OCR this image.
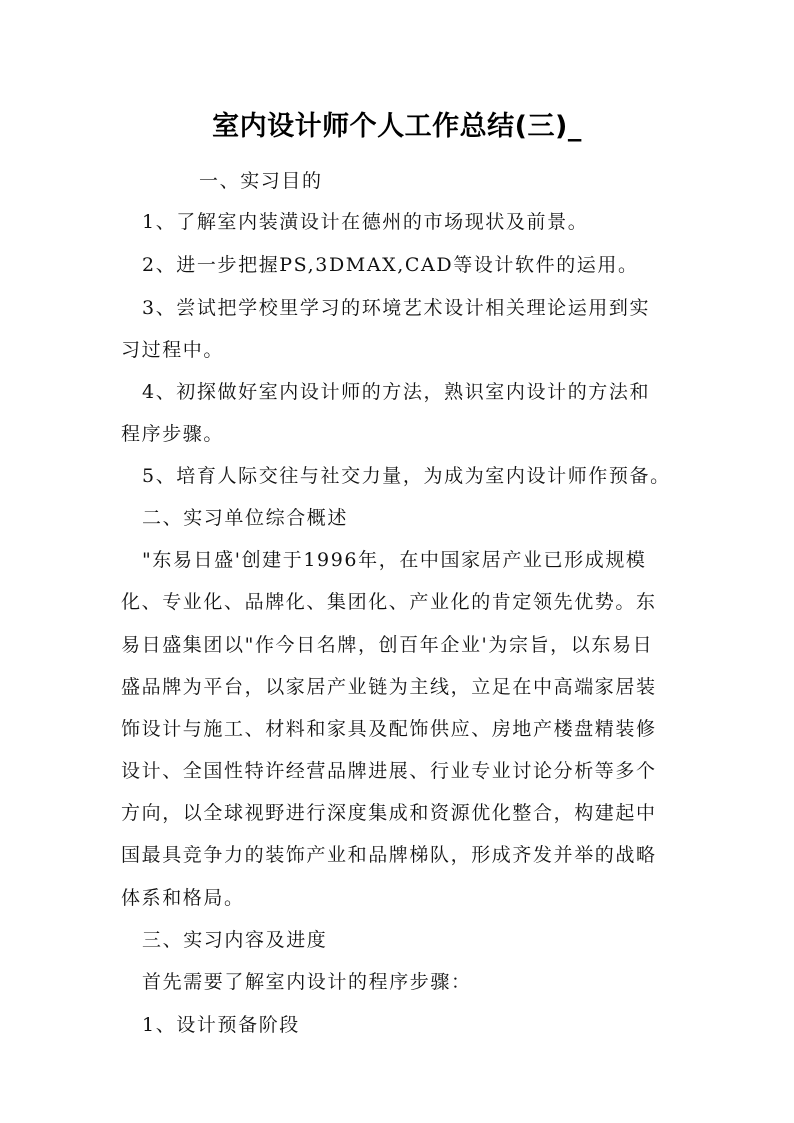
室内设计师个人工作总结(三)_
一、实习目的
1、了解室内装潢设计在德州的市场现状及前景。
2、进一步把握PS,3DMAX,CAD等设计软件的运用。
3、尝试把学校里学习的环境艺术设计相关理论运用到实
习过程中。
4、初探做好室内设计师的方法，熟识室内设计的方法和
程序步骤。
5、培育人际交往与社交力量，为成为室内设计师作预备。
二、实习单位综合概述
"东易日盛'创建于1996年，在中国家居产业已形成规模
化、专业化、品牌化、集团化、产业化的肯定领先优势。东
易日盛集团以"作今日名牌，创百年企业'为宗旨，以东易日
盛品牌为平台，以家居产业链为主线，立足在中高端家居装
饰设计与施工、材料和家具及配饰供应、房地产楼盘精装修
设计、全国性特许经营品牌进展、行业专业讨论分析等多个
方向，以全球视野进行深度集成和资源优化整合，构建起中
国最具竞争力的装饰产业和品牌梯队，形成齐发并举的战略
体系和格局。
三、实习内容及进度
首先需要了解室内设计的程序步骤：
1、设计预备阶段
